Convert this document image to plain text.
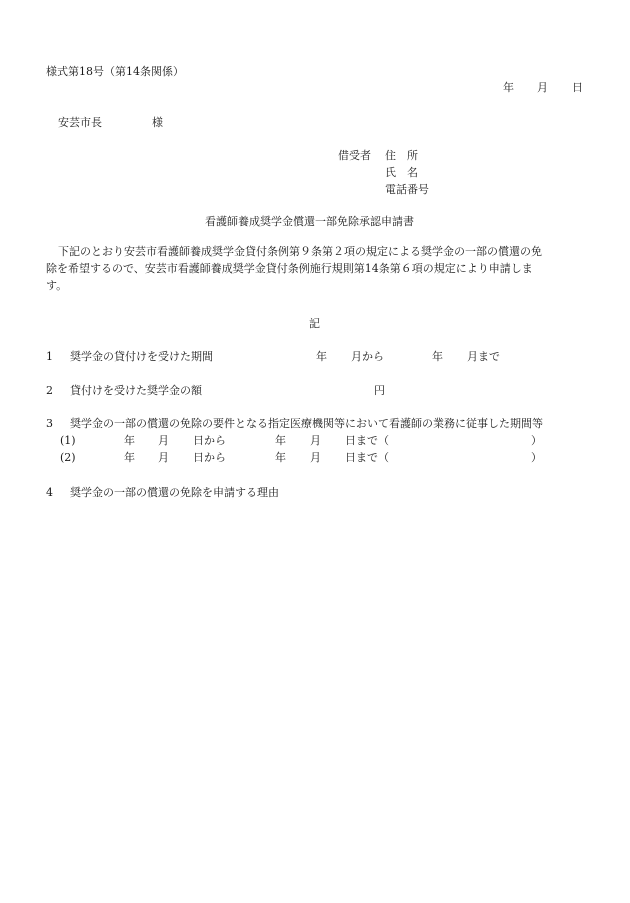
様式第18号（第14条関係）
年 月 日
安芸市長	様
借受者 住　所
氏　名
電話番号
看護師養成奨学金償還一部免除承認申請書
下記のとおり安芸市看護師養成奨学金貸付条例第９条第２項の規定による奨学金の一部の償還の免
除を希望するので、安芸市看護師養成奨学金貸付条例施行規則第14条第６項の規定により申請しま
す。
記
1 奨学金の貸付けを受けた期間	年 月から	年 月まで
2 貸付けを受けた奨学金の額	円
3 奨学金の一部の償還の免除の要件となる指定医療機関等において看護師の業務に従事した期間等
(1)	年 月 日から	年 月 日まで（	）
(2)	年 月 日から	年 月 日まで（	）
4 奨学金の一部の償還の免除を申請する理由
